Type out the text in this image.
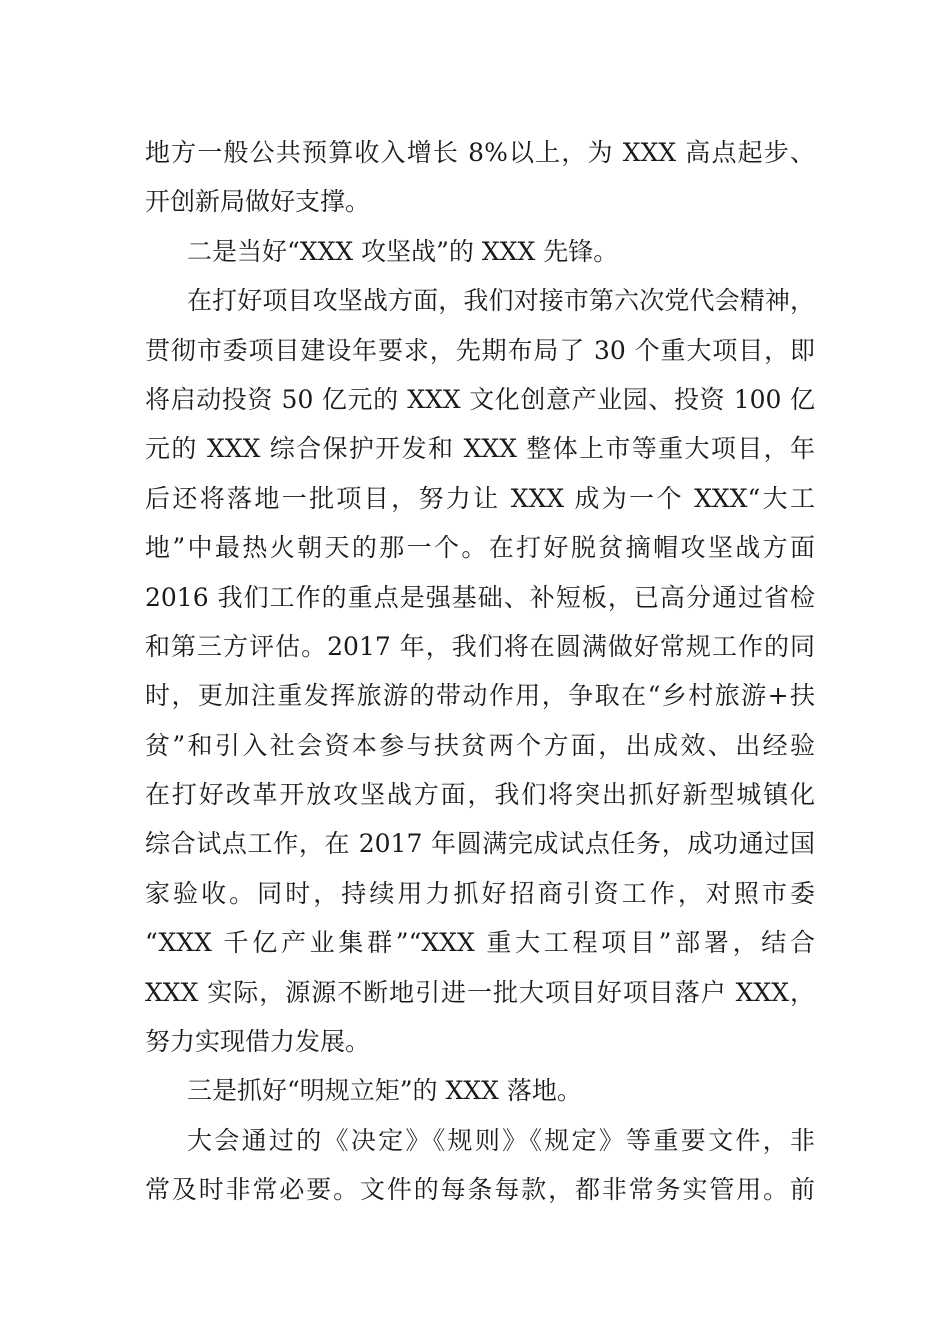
地方一般公共预算收入增长 8%以上，为 XXX 高点起步、
开创新局做好支撑。
二是当好“XXX 攻坚战”的 XXX 先锋。
在打好项目攻坚战方面，我们对接市第六次党代会精神，
贯彻市委项目建设年要求，先期布局了 30 个重大项目，即
将启动投资 50 亿元的 XXX 文化创意产业园、投资 100 亿
元的 XXX 综合保护开发和 XXX 整体上市等重大项目，年
后还将落地一批项目，努力让 XXX 成为一个 XXX“大工
地”中最热火朝天的那一个。在打好脱贫摘帽攻坚战方面
2016 我们工作的重点是强基础、补短板，已高分通过省检
和第三方评估。2017 年，我们将在圆满做好常规工作的同
时，更加注重发挥旅游的带动作用，争取在“乡村旅游+扶
贫”和引入社会资本参与扶贫两个方面，出成效、出经验
在打好改革开放攻坚战方面，我们将突出抓好新型城镇化
综合试点工作，在 2017 年圆满完成试点任务，成功通过国
家验收。同时，持续用力抓好招商引资工作，对照市委
“XXX 千亿产业集群”“XXX 重大工程项目”部署，结合
XXX 实际，源源不断地引进一批大项目好项目落户 XXX，
努力实现借力发展。
三是抓好“明规立矩”的 XXX 落地。
大会通过的《决定》《规则》《规定》等重要文件，非
常及时非常必要。文件的每条每款，都非常务实管用。前
